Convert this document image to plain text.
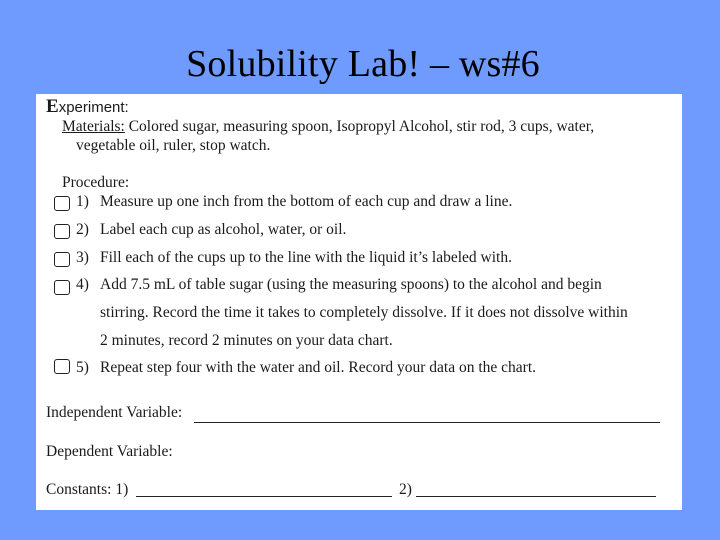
Solubility Lab! – ws#6
Experiment:
Materials: Colored sugar, measuring spoon, Isopropyl Alcohol, stir rod, 3 cups, water,
vegetable oil, ruler, stop watch.
Procedure:
1) Measure up one inch from the bottom of each cup and draw a line.
2) Label each cup as alcohol, water, or oil.
3) Fill each of the cups up to the line with the liquid it’s labeled with.
4) Add 7.5 mL of table sugar (using the measuring spoons) to the alcohol and begin
stirring. Record the time it takes to completely dissolve. If it does not dissolve within
2 minutes, record 2 minutes on your data chart.
5) Repeat step four with the water and oil. Record your data on the chart.
Independent Variable:
Dependent Variable:
Constants: 1)	2)
